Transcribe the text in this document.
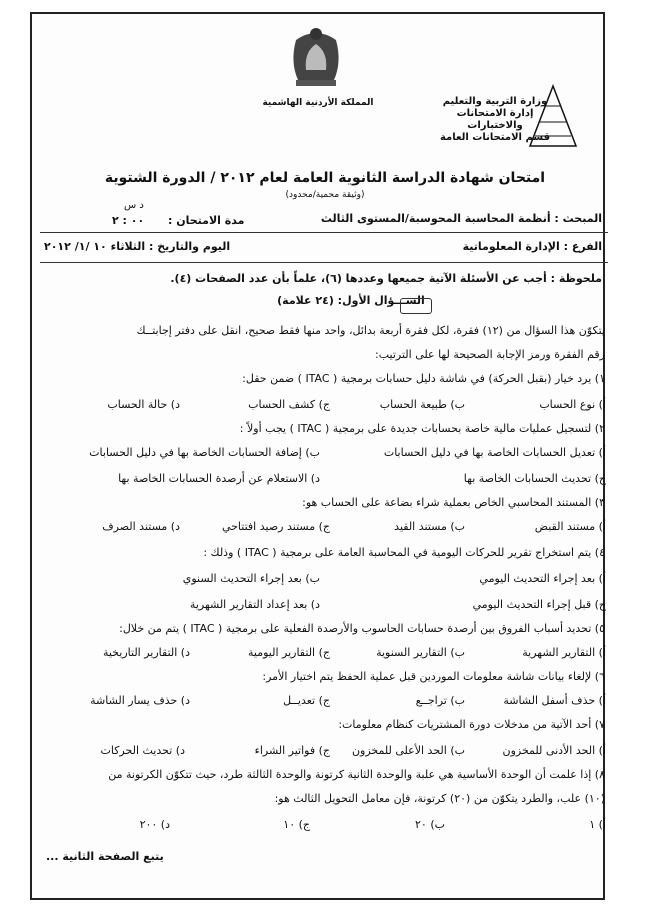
المملكة الأردنية الهاشمية	وزارة التربية والتعليم
إدارة الامتحانات والاختبارات
قسم الامتحانات العامة
امتحان شهادة الدراسة الثانوية العامة لعام ٢٠١٢ / الدورة الشتوية
(وثيقة محمية/محدود)
المبحث : أنظمة المحاسبة المحوسبة/المستوى الثالث
د س
مدة الامتحان :
٠٠ : ٢
الفرع : الإدارة المعلوماتية
اليوم والتاريخ : الثلاثاء ١٠ /١/ ٢٠١٢
ملحوظة : أجب عن الأسئلة الآتية جميعها وعددها (٦)، علماً بأن عدد الصفحات (٤).
الســـؤال الأول: (٢٤ علامة)
يتكوّن هذا السؤال من (١٢) فقرة، لكل فقرة أربعة بدائل، واحد منها فقط صحيح، انقل على دفتر إجابتــك
رقم الفقرة ورمز الإجابة الصحيحة لها على الترتيب:
١) يرد خيار (بقبل الحركة) في شاشة دليل حسابات برمجية ( ITAC ) ضمن حقل:
أ) نوع الحساب
ب) طبيعة الحساب
ج) كشف الحساب
د) حالة الحساب
٢) لتسجيل عمليات مالية خاصة بحسابات جديدة على برمجية ( ITAC ) يجب أولاً :
أ) تعديل الحسابات الخاصة بها في دليل الحسابات
ب) إضافة الحسابات الخاصة بها في دليل الحسابات
ج) تحديث الحسابات الخاصة بها
د) الاستعلام عن أرصدة الحسابات الخاصة بها
٣) المستند المحاسبي الخاص بعملية شراء بضاعة على الحساب هو:
أ) مستند القبض
ب) مستند القيد
ج) مستند رصيد افتتاحي
د) مستند الصرف
٤) يتم استخراج تقرير للحركات اليومية في المحاسبة العامة على برمجية ( ITAC ) وذلك :
أ) بعد إجراء التحديث اليومي
ب) بعد إجراء التحديث السنوي
ج) قبل إجراء التحديث اليومي
د) بعد إعداد التقارير الشهرية
٥) تحديد أسباب الفروق بين أرصدة حسابات الحاسوب والأرصدة الفعلية على برمجية ( ITAC ) يتم من خلال:
أ) التقارير الشهرية
ب) التقارير السنوية
ج) التقارير اليومية
د) التقارير التاريخية
٦) لإلغاء بيانات شاشة معلومات الموردين قبل عملية الحفظ يتم اختيار الأمر:
أ) حذف أسفل الشاشة
ب) تراجــع
ج) تعديــل
د) حذف يسار الشاشة
٧) أحد الآتية من مدخلات دورة المشتريات كنظام معلومات:
أ) الحد الأدنى للمخزون
ب) الحد الأعلى للمخزون
ج) فواتير الشراء
د) تحديث الحركات
٨) إذا علمت أن الوحدة الأساسية هي علبة والوحدة الثانية كرتونة والوحدة الثالثة طرد، حيث تتكوّن الكرتونة من
(١٠) علب، والطرد يتكوّن من (٢٠) كرتونة، فإن معامل التحويل الثالث هو:
أ) ١
ب) ٢٠
ج) ١٠
د) ٢٠٠
يتبع الصفحة الثانية ...
